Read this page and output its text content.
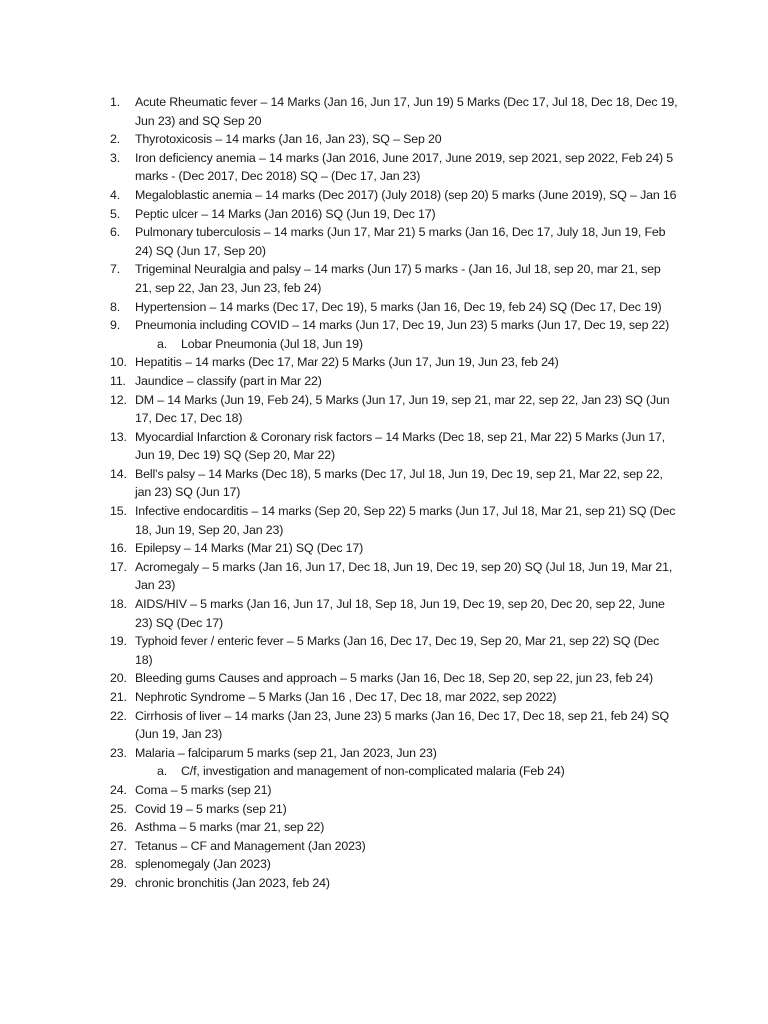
1.	Acute Rheumatic fever – 14 Marks (Jan 16, Jun 17, Jun 19) 5 Marks (Dec 17, Jul 18, Dec 18, Dec 19, Jun 23) and SQ Sep 20
2.	Thyrotoxicosis – 14 marks (Jan 16, Jan 23), SQ – Sep 20
3.	Iron deficiency anemia – 14 marks (Jan 2016, June 2017, June 2019, sep 2021, sep 2022, Feb 24) 5 marks - (Dec 2017, Dec 2018) SQ – (Dec 17, Jan 23)
4.	Megaloblastic anemia – 14 marks (Dec 2017) (July 2018) (sep 20) 5 marks (June 2019), SQ – Jan 16
5.	Peptic ulcer – 14 Marks (Jan 2016) SQ (Jun 19, Dec 17)
6.	Pulmonary tuberculosis – 14 marks (Jun 17, Mar 21) 5 marks (Jan 16, Dec 17, July 18, Jun 19, Feb 24) SQ (Jun 17, Sep 20)
7.	Trigeminal Neuralgia and palsy – 14 marks (Jun 17) 5 marks - (Jan 16, Jul 18, sep 20, mar 21, sep 21, sep 22, Jan 23, Jun 23, feb 24)
8.	Hypertension – 14 marks (Dec 17, Dec 19), 5 marks (Jan 16, Dec 19, feb 24) SQ (Dec 17, Dec 19)
9.	Pneumonia including COVID – 14 marks (Jun 17, Dec 19, Jun 23) 5 marks (Jun 17, Dec 19, sep 22)
a.	Lobar Pneumonia (Jul 18, Jun 19)
10. Hepatitis – 14 marks (Dec 17, Mar 22) 5 Marks (Jun 17, Jun 19, Jun 23, feb 24)
11. Jaundice – classify (part in Mar 22)
12. DM – 14 Marks (Jun 19, Feb 24), 5 Marks (Jun 17, Jun 19, sep 21, mar 22, sep 22, Jan 23) SQ (Jun 17, Dec 17, Dec 18)
13. Myocardial Infarction & Coronary risk factors – 14 Marks (Dec 18, sep 21, Mar 22) 5 Marks (Jun 17, Jun 19, Dec 19) SQ (Sep 20, Mar 22)
14. Bell’s palsy – 14 Marks (Dec 18), 5 marks (Dec 17, Jul 18, Jun 19, Dec 19, sep 21, Mar 22, sep 22, jan 23) SQ (Jun 17)
15. Infective endocarditis – 14 marks (Sep 20, Sep 22) 5 marks (Jun 17, Jul 18, Mar 21, sep 21) SQ (Dec 18, Jun 19, Sep 20, Jan 23)
16. Epilepsy – 14 Marks (Mar 21) SQ (Dec 17)
17. Acromegaly – 5 marks (Jan 16, Jun 17, Dec 18, Jun 19, Dec 19, sep 20) SQ (Jul 18, Jun 19, Mar 21, Jan 23)
18. AIDS/HIV – 5 marks (Jan 16, Jun 17, Jul 18, Sep 18, Jun 19, Dec 19, sep 20, Dec 20, sep 22, June 23) SQ (Dec 17)
19. Typhoid fever / enteric fever – 5 Marks (Jan 16, Dec 17, Dec 19, Sep 20, Mar 21, sep 22) SQ (Dec 18)
20. Bleeding gums Causes and approach – 5 marks (Jan 16, Dec 18, Sep 20, sep 22, jun 23, feb 24)
21. Nephrotic Syndrome – 5 Marks (Jan 16 , Dec 17, Dec 18, mar 2022, sep 2022)
22. Cirrhosis of liver – 14 marks (Jan 23, June 23) 5 marks (Jan 16, Dec 17, Dec 18, sep 21, feb 24) SQ (Jun 19, Jan 23)
23. Malaria – falciparum 5 marks (sep 21, Jan 2023, Jun 23)
a.	C/f, investigation and management of non-complicated malaria (Feb 24)
24. Coma – 5 marks (sep 21)
25. Covid 19 – 5 marks (sep 21)
26. Asthma – 5 marks (mar 21, sep 22)
27. Tetanus – CF and Management (Jan 2023)
28. splenomegaly (Jan 2023)
29. chronic bronchitis (Jan 2023, feb 24)
